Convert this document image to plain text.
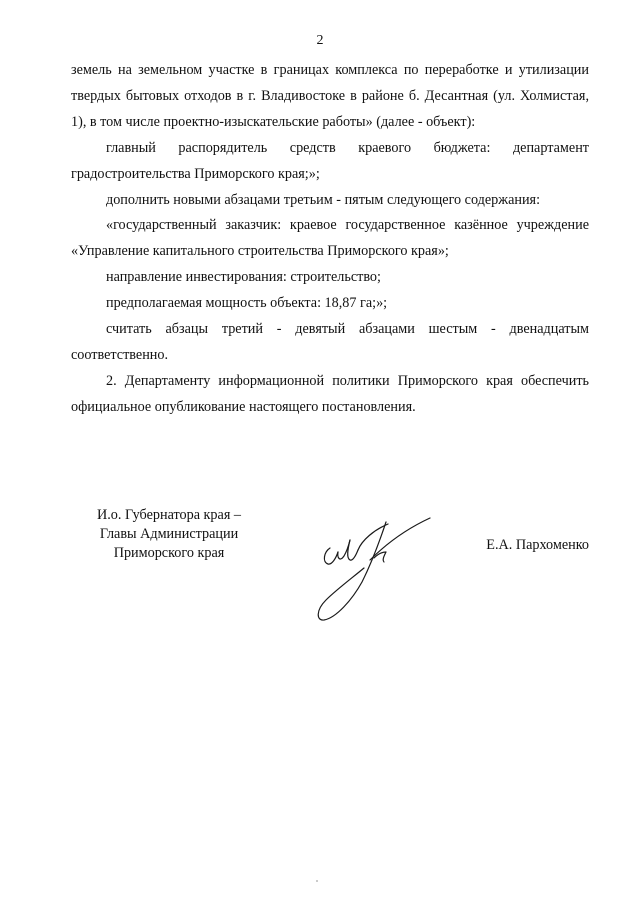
2

земель на земельном участке в границах комплекса по переработке и утилизации твердых бытовых отходов в г. Владивостоке в районе б. Десантная (ул. Холмистая, 1), в том числе проектно-изыскательские работы» (далее - объект):

главный распорядитель средств краевого бюджета: департамент градостроительства Приморского края;»;

дополнить новыми абзацами третьим - пятым следующего содержания:

«государственный заказчик: краевое государственное казённое учреждение «Управление капитального строительства Приморского края»;

направление инвестирования: строительство;

предполагаемая мощность объекта: 18,87 га;»;

считать абзацы третий - девятый абзацами шестым - двенадцатым соответственно.

2. Департаменту информационной политики Приморского края обеспечить официальное опубликование настоящего постановления.

И.о. Губернатора края –
Главы Администрации
Приморского края	Е.А. Пархоменко
